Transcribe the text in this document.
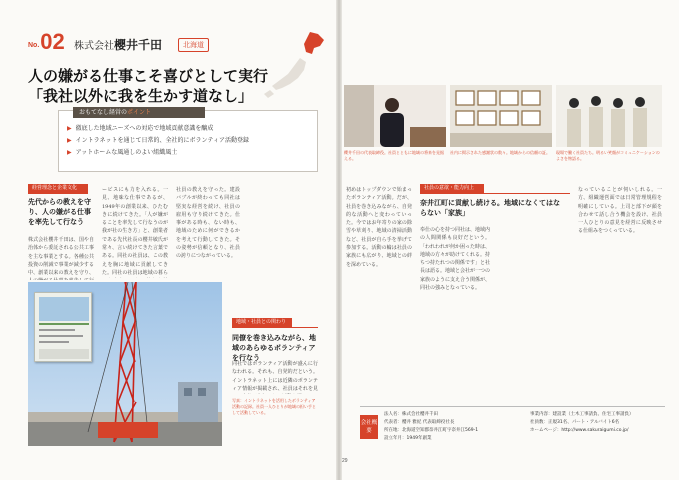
No. 02 株式会社櫻井千田	北海道
人の嫌がる仕事こそ喜びとして実行
「我社以外に我を生かす道なし」
おもてなし経営のポイント
▶ 徹底した地域ニーズへの対応で地域貢献意識を醸成
▶ イントラネットを通じて日常的、全社的にボランティア活動登録
▶ アットホームな風通しのよい組織風土
経営理念と企業文化
先代からの教えを守り、人の嫌がる仕事を率先して行なう
株式会社櫻井千田は、国や自治体から委託される公共工事を主な事業とする。各種公共投資の削減で事業が減少する中、創業以来の教えを守り、
ービスにも力を入れる。一見、地味な仕事であるが、1949年の創業以来、ひたむきに続けてきた。「人が嫌がることを率先して行なうのが我が社の生き方」と、創業者である先代社長の櫻井敏氏が常々、言い続けてきた言葉である。同社の社員は、この教えを胸に地域に貢献してきた。同社の社員は地域の暮ら
社員の教えを守った。建設バブルが終わっても同社は堅実な経営を続け、社員の雇用も守り続けてきた。仕事がある時も、ない時も、地域のために何ができるかを考えて行動してきた。その姿勢が信頼となり、社員の誇りにつながっている。
地域・社員との関わり
同僚を巻き込みながら、地域のあらゆるボランティアを行なう
同社ではボランティア活動が盛んに行なわれる。それも、自発的だという。イントラネット上には近隣のボランティア情報が掲載され、社員はそれを見
写真：イントラネットを活用したボランティア活動の記録。社員一人ひとりが地域の担い手として活動している。
櫻井千田の代表取締役。社員とともに地域の将来を見据える。
社内に掲示された感謝状の数々。地域からの信頼の証。	現場で働く社員たち。明るい笑顔がコミュニケーションのよさを物語る。
初めはトップダウンで始まったボランティア活動。だが、社員を巻き込みながら、自発的な活動へと変わっていった。今ではお年寄りの家の除雪や草刈り、地域の清掃活動など、社員が自ら手を挙げて参加する。活動の輪は社員の家族にも広がり、地域との絆を深めている。
社員の意欲・能力向上
奈井江町に貢献し続ける。地域になくてはならない「家族」
奉仕の心を持つ同社は、地域内の人間関係も良好だという。「われわれが何か困った時は、地域の方々が助けてくれる。持ちつ持たれつの関係です」と社長は語る。地域と会社が一つの家族のように支え合う関係が、同社の強みとなっている。
なっていることが伺いしれる。一方、組織運営面では日常管理規程を明確にしている。上司と部下が顔を合わせて話し合う機会を設け、社員一人ひとりの意見を経営に反映させる仕組みをつくっている。
会社概要
法人名：株式会社櫻井千田
代表者：櫻井 雅紀 代表取締役社長
所在地：北海道空知郡奈井江町字奈井江569-1
設立年月：1949年創業
事業内容：建設業（土木工事請負、住宅工事請負）
社員数：正規31名、パート・アルバイト6名
ホームページ：http://www.sakuraigumi.co.jp/
29
